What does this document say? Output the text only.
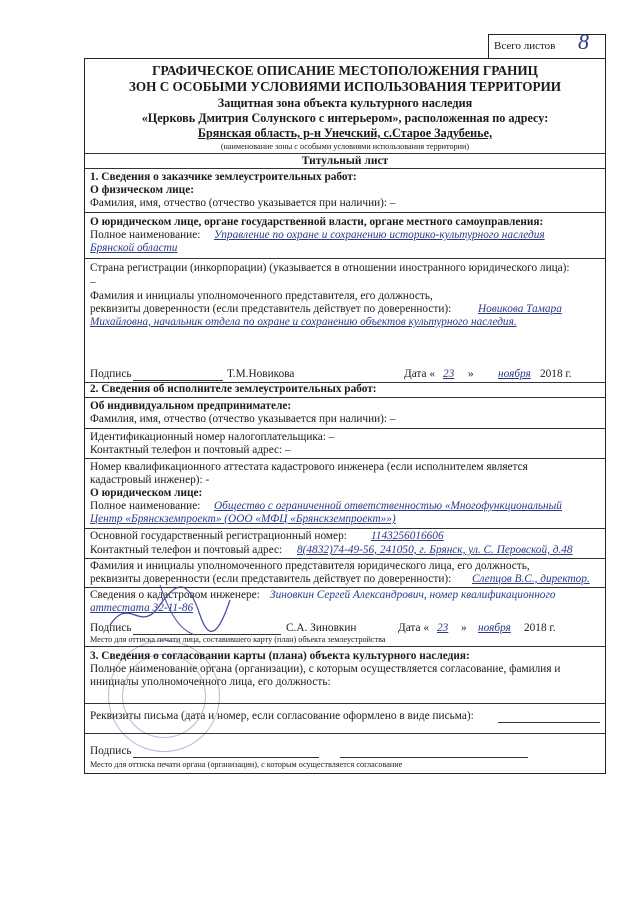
Всего листов 8
ГРАФИЧЕСКОЕ ОПИСАНИЕ МЕСТОПОЛОЖЕНИЯ ГРАНИЦ
ЗОН С ОСОБЫМИ УСЛОВИЯМИ ИСПОЛЬЗОВАНИЯ ТЕРРИТОРИИ
Защитная зона объекта культурного наследия
«Церковь Дмитрия Солунского с интерьером», расположенная по адресу:
Брянская область, р-н Унечский, с.Старое Задубенье,
(наименование зоны с особыми условиями использования территории)
Титульный лист
1. Сведения о заказчике землеустроительных работ:
О физическом лице:
Фамилия, имя, отчество (отчество указывается при наличии): –
О юридическом лице, органе государственной власти, органе местного самоуправления:
Полное наименование: Управление по охране и сохранению историко-культурного наследия
Брянской области
Страна регистрации (инкорпорации) (указывается в отношении иностранного юридического лица):
–
Фамилия и инициалы уполномоченного представителя, его должность,
реквизиты доверенности (если представитель действует по доверенности): Новикова Тамара
Михайловна, начальник отдела по охране и сохранению объектов культурного наследия.
Подпись	Т.М.Новикова	Дата « 23 » ноября 2018 г.
2. Сведения об исполнителе землеустроительных работ:
Об индивидуальном предпринимателе:
Фамилия, имя, отчество (отчество указывается при наличии): –
Идентификационный номер налогоплательщика: –
Контактный телефон и почтовый адрес: –
Номер квалификационного аттестата кадастрового инженера (если исполнителем является
кадастровый инженер): -
О юридическом лице:
Полное наименование: Общество с ограниченной ответственностью «Многофункциональный
Центр «Брянскземпроект» (ООО «МФЦ «Брянскземпроект»»)
Основной государственный регистрационный номер: 1143256016606
Контактный телефон и почтовый адрес: 8(4832)74-49-56, 241050, г. Брянск, ул. С. Перовской, д.48
Фамилия и инициалы уполномоченного представителя юридического лица, его должность,
реквизиты доверенности (если представитель действует по доверенности): Слепцов В.С., директор.
Сведения о кадастровом инженере: Зиновкин Сергей Александрович, номер квалификационного
аттестата 32-11-86
Подпись	С.А. Зиновкин	Дата « 23 » ноября 2018 г.
Место для оттиска печати лица, составившего карту (план) объекта землеустройства
3. Сведения о согласовании карты (плана) объекта культурного наследия:
Полное наименование органа (организации), с которым осуществляется согласование, фамилия и
инициалы уполномоченного лица, его должность:
Реквизиты письма (дата и номер, если согласование оформлено в виде письма):
Подпись
Место для оттиска печати органа (организации), с которым осуществляется согласование
